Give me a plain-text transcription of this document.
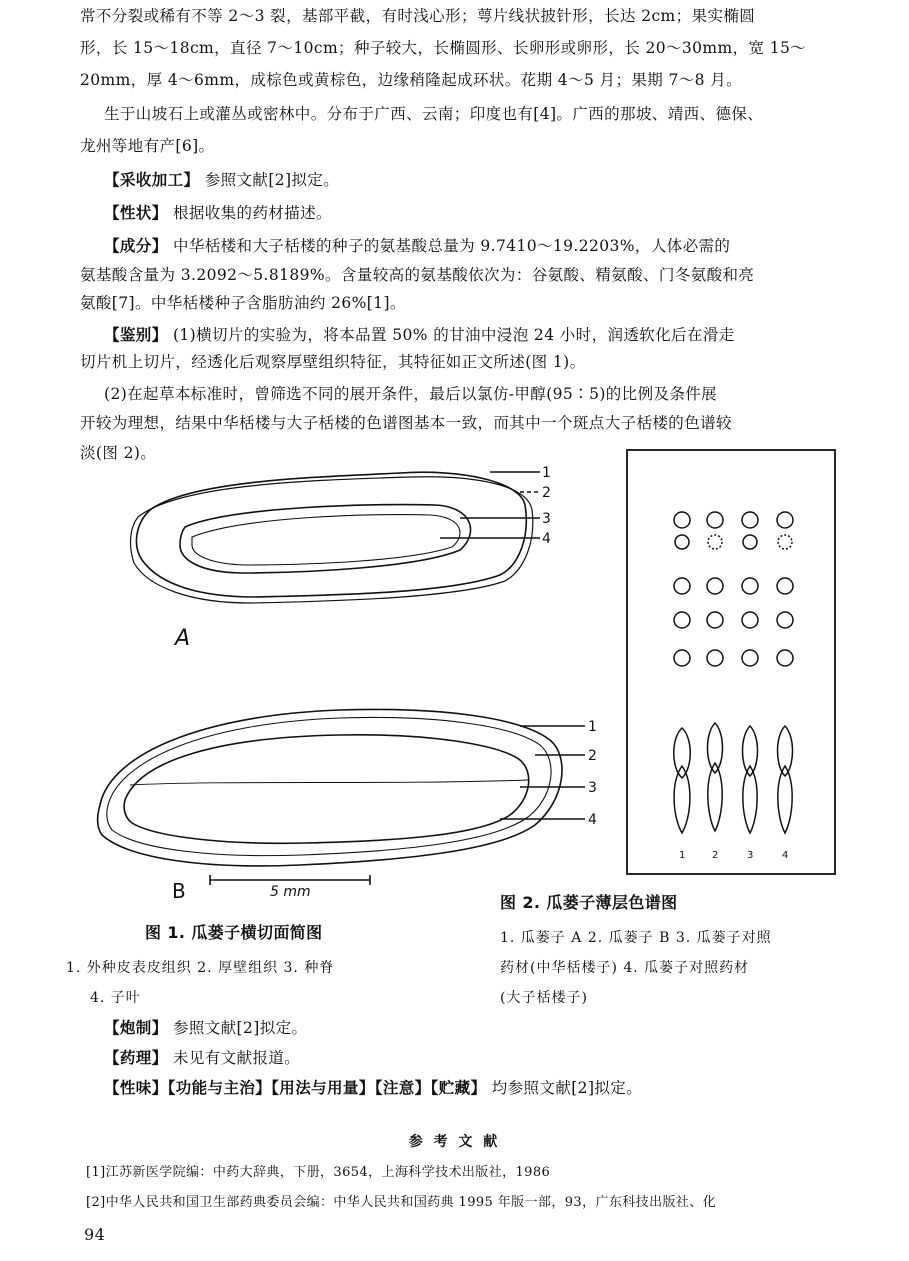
常不分裂或稀有不等 2～3 裂，基部平截，有时浅心形；萼片线状披针形，长达 2cm；果实椭圆
形，长 15～18cm，直径 7～10cm；种子较大，长椭圆形、长卵形或卵形，长 20～30mm，宽 15～
20mm，厚 4～6mm，成棕色或黄棕色，边缘稍隆起成环状。花期 4～5 月；果期 7～8 月。
生于山坡石上或灌丛或密林中。分布于广西、云南；印度也有[4]。广西的那坡、靖西、德保、
龙州等地有产[6]。
【采收加工】 参照文献[2]拟定。
【性状】 根据收集的药材描述。
【成分】 中华栝楼和大子栝楼的种子的氨基酸总量为 9.7410～19.2203%，人体必需的
氨基酸含量为 3.2092～5.8189%。含量较高的氨基酸依次为：谷氨酸、精氨酸、门冬氨酸和亮
氨酸[7]。中华栝楼种子含脂肪油约 26%[1]。
【鉴别】 (1)横切片的实验为，将本品置 50% 的甘油中浸泡 24 小时，润透软化后在滑走
切片机上切片，经透化后观察厚壁组织特征，其特征如正文所述(图 1)。
(2)在起草本标准时，曾筛选不同的展开条件，最后以氯仿-甲醇(95∶5)的比例及条件展
开较为理想，结果中华栝楼与大子栝楼的色谱图基本一致，而其中一个斑点大子栝楼的色谱较
淡(图 2)。
1
2
3
4
A
1
2
3
4
B	5 mm
1	2	3	4
图 1. 瓜蒌子横切面简图
1. 外种皮表皮组织 2. 厚壁组织 3. 种脊
4. 子叶
图 2. 瓜蒌子薄层色谱图
1. 瓜蒌子 A 2. 瓜蒌子 B 3. 瓜蒌子对照
药材(中华栝楼子) 4. 瓜蒌子对照药材
(大子栝楼子)
【炮制】 参照文献[2]拟定。
【药理】 未见有文献报道。
【性味】【功能与主治】【用法与用量】【注意】【贮藏】 均参照文献[2]拟定。
参 考 文 献
[1]江苏新医学院编：中药大辞典，下册，3654，上海科学技术出版社，1986
[2]中华人民共和国卫生部药典委员会编：中华人民共和国药典 1995 年版一部，93，广东科技出版社、化
94
